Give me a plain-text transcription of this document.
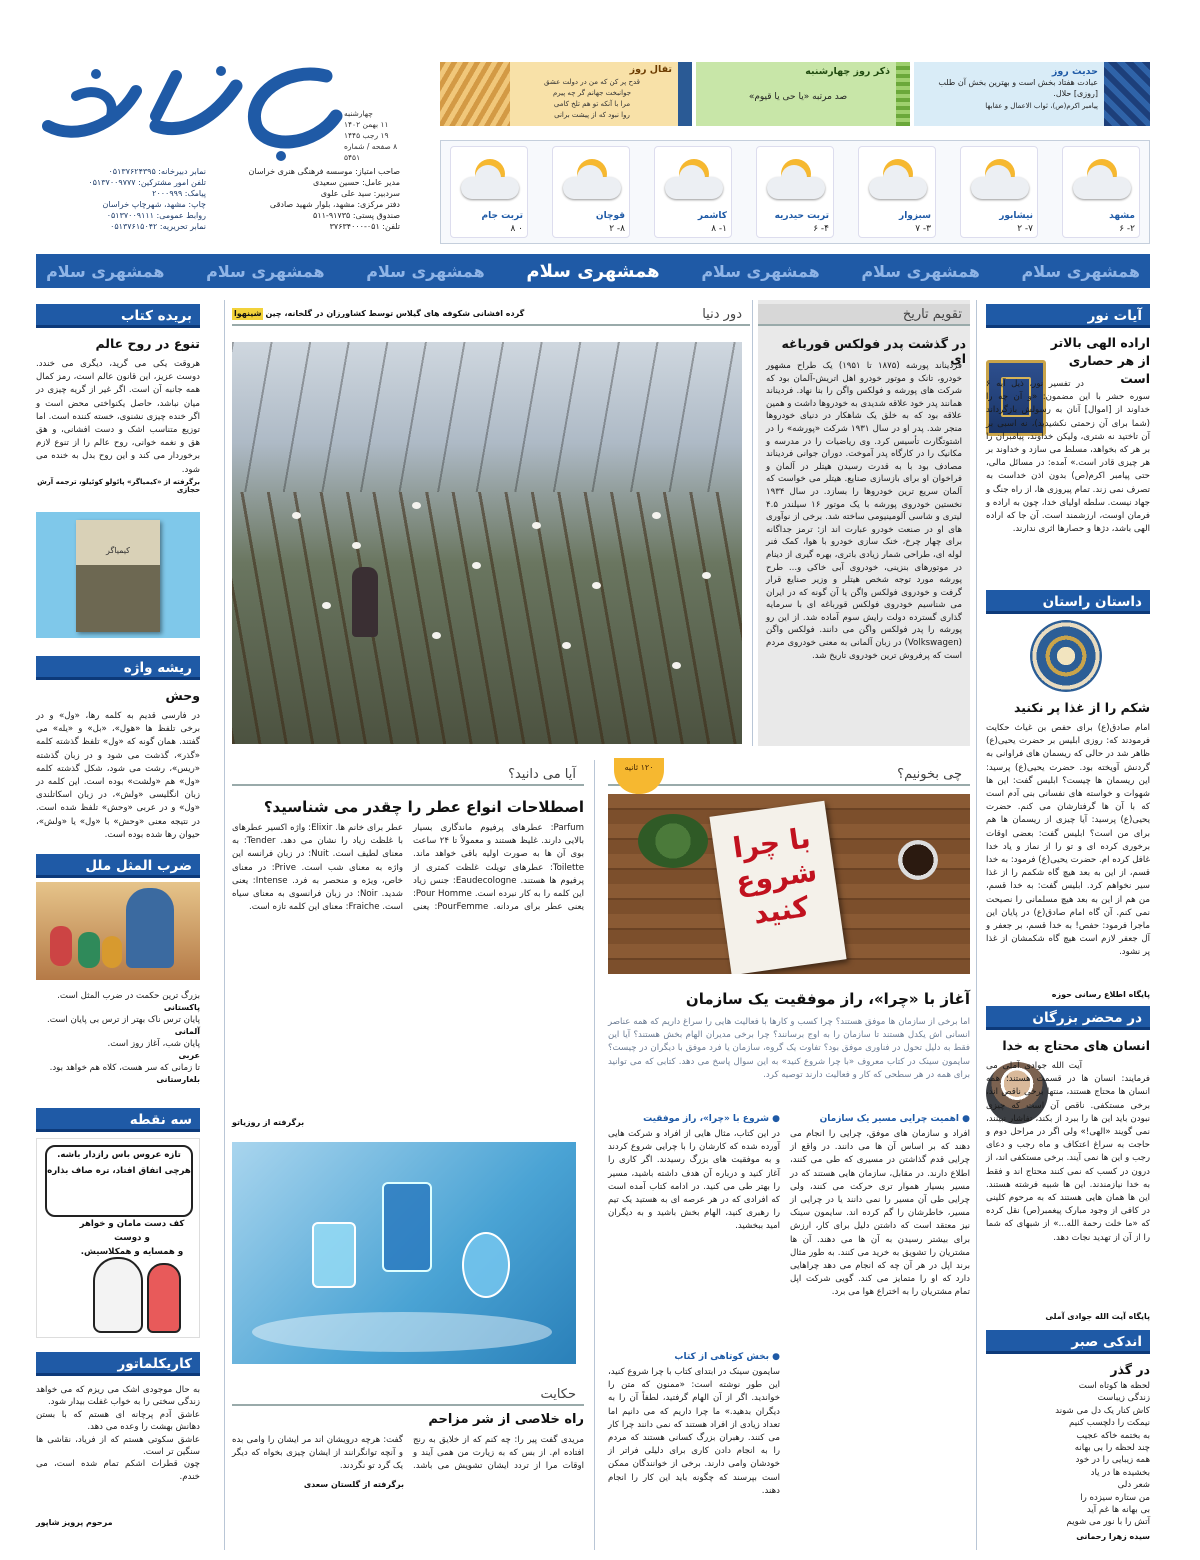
چهارشنبه
۱۱ بهمن ۱۴۰۲
۱۹ رجب ۱۴۴۵
۸ صفحه / شماره ۵۴۵۱
نمابر دبیرخانه: ۰۵۱۳۷۶۲۴۳۹۵
تلفن امور مشترکین: ۰۵۱۳۷۰۰۹۷۷۷
پیامک: ۲۰۰۰۹۹۹
چاپ: مشهد، شهرچاپ خراسان
روابط عمومی: ۰۵۱۳۷۰۰۹۱۱۱
نمابر تحریریه: ۰۵۱۳۷۶۱۵۰۴۲
صاحب امتیاز: موسسه فرهنگی هنری خراسان
مدیر عامل: حسین سعیدی
سردبیر: سید علی علوی
دفتر مرکزی: مشهد، بلوار شهید صادقی
صندوق پستی: ۹۱۷۳۵-۵۱۱
تلفن: ۰۵۱-۳۷۶۳۴۰۰۰
حدیث روز
عبادت هفتاد بخش است و بهترین بخش آن طلب [روزی] حلال.
پیامبر اکرم(ص)، ثواب الاعمال و عقابها
ذکر روز چهارشنبه
صد مرتبه «یا حی یا قیوم»
تفال روز
قدح پر کن که من در دولت عشق
جوانبخت جهانم گر چه پیرم
مرا با آنکه تو هم تلخ کامی
روا نبود که از پیشت برانی
مشهد
۲- ۶
نیشابور
۷- ۲
سبزوار
۳- ۷
تربت حیدریه
۴- ۶
کاشمر
۱- ۸
قوچان
۸- ۲
تربت جام
۰ ۸
همشهری سلام
همشهری سلام
همشهری سلام
همشهری سلام
همشهری سلام
همشهری سلام
همشهری سلام
آیات نور
اراده الهی بالاتر از هر حصاری است
در تفسیر نور، ذیل آیه ۶ سوره حشر با این مضمون: «و آن چه را خداوند از [اموال] آنان به رسولش بازگرداند (شما برای آن زحمتی نکشیدید)، نه اسبی بر آن تاختید نه شتری، ولیکن خداوند، پیامبران را بر هر که بخواهد، مسلط می سازد و خداوند بر هر چیزی قادر است.» آمده: در مسائل مالی، حتی پیامبر اکرم(ص) بدون اذن خداست به تصرف نمی زند. تمام پیروزی ها، از راه جنگ و جهاد نیست. سلطه اولیای خدا، چون به اراده و فرمان اوست، ارزشمند است. آن جا که اراده الهی باشد، دژها و حصارها اثری ندارند.
داستان راستان
شکم را از غذا پر نکنید
امام صادق(ع) برای حفص بن غیاث حکایت فرمودند که: روزی ابلیس بر حضرت یحیی(ع) ظاهر شد در حالی که ریسمان های فراوانی به گردنش آویخته بود. حضرت یحیی(ع) پرسید: این ریسمان ها چیست؟ ابلیس گفت: این ها شهوات و خواسته های نفسانی بنی آدم است که با آن ها گرفتارشان می کنم. حضرت یحیی(ع) پرسید: آیا چیزی از ریسمان ها هم برای من است؟ ابلیس گفت: بعضی اوقات برخوری کرده ای و تو را از نماز و یاد خدا غافل کرده ام. حضرت یحیی(ع) فرمود: به خدا قسم، از این به بعد هیچ گاه شکمم را از غذا سیر نخواهم کرد. ابلیس گفت: به خدا قسم، من هم از این به بعد هیچ مسلمانی را نصیحت نمی کنم. آن گاه امام صادق(ع) در پایان این ماجرا فرمود: حفص! به خدا قسم، بر جعفر و آل جعفر لازم است هیچ گاه شکمشان از غذا پر نشود.
پایگاه اطلاع رسانی حوزه
در محضر بزرگان
انسان های محتاج به خدا
آیت الله جوادی آملی می فرمایند: انسان ها در قسمت هستند؛ همه انسان ها محتاج هستند، منتها برخی ناقص اند، برخی مستکفی. ناقص آن است که چیزی نبودن باید این ها را ببرد از بکند، تفاشار نبینند، نمی گویند «الهی!» ولی اگر در مراحل دوم و حاجت به سراغ اعتکاف و ماه رجب و دعای رجب و این ها نمی آیند. برخی مستکفی اند، از درون در کسب که نمی کنند محتاج اند و فقط به خدا نیازمندند. این ها شبیه فرشته هستند. این ها همان هایی هستند که به مرحوم کلینی در کافی از وجود مبارک پیغمبر(ص) نقل کرده که «ما خلت رحمة الله...» از شبهای که شما را از آن از تهدید نجات دهد.
پایگاه آیت الله جوادی آملی
اندکی صبر
در گذر
لحظه ها کوتاه است
زندگی زیباست
کاش کنار یک دل می شوند
نیمکت را دلچسب کنیم
به بختمه خاکه عجیب
چند لحظه را بی بهانه
همه زیبایی را در خود
بخشیده ها در یاد
شعر دلی
من ستاره سیزده را
بی بهانه ها غم آید
آتش را با نور می شویم
سیده زهرا رحمانی
تقویم تاریخ
در گذشت پدر فولکس قورباغه ای
فردیناند پورشه (۱۸۷۵ تا ۱۹۵۱) یک طراح مشهور خودرو، تانک و موتور خودرو اهل اتریش-آلمان بود که شرکت های پورشه و فولکس واگن را بنا نهاد. فردیناند همانند پدر خود علاقه شدیدی به خودروها داشت و همین علاقه بود که به خلق یک شاهکار در دنیای خودروها منجر شد. پدر او در سال ۱۹۳۱ شرکت «پورشه» را در اشتوتگارت تأسیس کرد. وی ریاضیات را در مدرسه و مکانیک را در کارگاه پدر آموخت. دوران جوانی فردیناند مصادف بود با به قدرت رسیدن هیتلر در آلمان و فراخوان او برای بازسازی صنایع. هیتلر می خواست که آلمان سریع ترین خودروها را بسازد. در سال ۱۹۳۴ نخستین خودروی پورشه با یک موتور ۱۶ سیلندر ۴.۵ لیتری و شاسی آلومینیومی ساخته شد. برخی از نوآوری های او در صنعت خودرو عبارت اند از: ترمز جداگانه برای چهار چرخ، خنک سازی خودرو با هوا، کمک فنر لوله ای، طراحی شمار زیادی باتری، بهره گیری از دینام در موتورهای بنزینی، خودروی آبی خاکی و... طرح پورشه مورد توجه شخص هیتلر و وزیر صنایع قرار گرفت و خودروی فولکس واگن یا آن گونه که در ایران می شناسیم خودروی فولکس قورباغه ای با سرمایه گذاری گسترده دولت رایش سوم آماده شد. از این رو پورشه را پدر فولکس واگن می دانند. فولکس واگن (Volkswagen) در زبان آلمانی به معنی خودروی مردم است که پرفروش ترین خودروی تاریخ شد.
دور دنیا
گرده افشانی شکوفه های گیلاس توسط کشاورزان در گلخانه، چین
شینهوا
چی بخونیم؟
۱۲۰ ثانیه
با چرا شروع کنید
آغاز با «چرا»، راز موفقیت یک سازمان
اما برخی از سازمان ها موفق هستند؟ چرا کسب و کارها با فعالیت هایی را سراغ داریم که همه عناصر انسانی اش یکدل هستند تا سازمان را به اوج برسانند؟ چرا برخی مدیران الهام بخش هستند؟ آیا این فقط به دلیل تحول در فناوری موفق بود؟ تفاوت یک گروه، سازمان یا فرد موفق با دیگران در چیست؟ سایمون سینک در کتاب معروف «با چرا شروع کنید» به این سوال پاسخ می دهد. کتابی که می توانید برای همه در هر سطحی که کار و فعالیت دارند توصیه کرد.
● اهمیت چرایی مسیر یک سازمان
افراد و سازمان های موفق، چرایی را انجام می دهند که بر اساس آن ها می دانند. در واقع از چرایی قدم گذاشتن در مسیری که طی می کنند، اطلاع دارند. در مقابل، سازمان هایی هستند که در مسیر بسیار هموار تری حرکت می کنند، ولی چرایی طی آن مسیر را نمی دانند یا در چرایی از مسیر، خاطرشان را گم کرده اند. سایمون سینک نیز معتقد است که داشتن دلیل برای کار، ارزش برای بیشتر رسیدن به آن ها می دهند. آن ها مشتریان را تشویق به خرید می کنند. به طور مثال برند اپل در هر آن چه که انجام می دهد چراهایی دارد که او را متمایز می کند. گویی شرکت اپل تمام مشتریان را به اختراع هوا می برد.
● شروع با «چرا»، راز موفقیت
در این کتاب، مثال هایی از افراد و شرکت هایی آورده شده که کارشان را با چرایی شروع کردند و به موفقیت های بزرگ رسیدند. اگر کاری را آغاز کنید و درباره آن هدف داشته باشید، مسیر را بهتر طی می کنید. در ادامه کتاب آمده است که افرادی که در هر عرصه ای به هستید یک تیم را رهبری کنید، الهام بخش باشید و به دیگران امید ببخشید.
● بخش کوتاهی از کتاب
سایمون سینک در ابتدای کتاب با چرا شروع کنید، این طور نوشته است: «ممنون که متن را خواندید. اگر از آن الهام گرفتید، لطفاً آن را به دیگران بدهید.» ما چرا داریم که می دانیم اما تعداد زیادی از افراد هستند که نمی دانند چرا کار می کنند. رهبران بزرگ کسانی هستند که مردم را به انجام دادن کاری برای دلیلی فراتر از خودشان وامی دارند. برخی از خوانندگان ممکن است بپرسند که چگونه باید این کار را انجام دهند.
آیا می دانید؟
اصطلاحات انواع عطر را چقدر می شناسید؟
Parfum: عطرهای پرفیوم ماندگاری بسیار بالایی دارند. غلیظ هستند و معمولاً تا ۲۴ ساعت بوی آن ها به صورت اولیه باقی خواهد ماند. Toilette: عطرهای تویلت غلظت کمتری از پرفیوم ها هستند. Eaudecologne: جنس زیاد این کلمه را به کار نبرده است. Pour Homme: یعنی عطر برای مردانه. PourFemme: یعنی عطر برای خانم ها. Elixir: واژه اکسیر عطرهای با غلظت زیاد را نشان می دهد. Tender: به معنای لطیف است. Nuit: در زبان فرانسه این واژه به معنای شب است. Prive: در معنای خاص، ویژه و منحصر به فرد. Intense: یعنی شدید. Noir: در زبان فرانسوی به معنای سیاه است. Fraiche: معنای این کلمه تازه است.
برگرفته از روزیاتو
حکایت
راه خلاصی از شر مزاحم
مریدی گفت پیر را: چه کنم که از خلایق به رنج افتاده ام. از بس که به زیارت من همی آیند و اوقات مرا از تردد ایشان تشویش می باشد. گفت: هرچه درویشان اند مر ایشان را وامی بده و آنچه توانگرانند از ایشان چیزی بخواه که دیگر یک گرد تو نگردند.
برگرفته از گلستان سعدی
بریده کتاب
تنوع در روح عالم
هروقت یکی می گرید، دیگری می خندد. دوست عزیز، این قانون عالم است، رمز کمال همه جانبه آن است. اگر غیر از گریه چیزی در میان نباشد، حاصل یکنواختی محض است و اگر خنده چیزی نشنوی، خسته کننده است. اما توزیع متناسب اشک و دست افشانی، و هق هق و نغمه خوانی، روح عالم را از تنوع لازم برخوردار می کند و این روح بدل به خنده می شود.
برگرفته از «کیمیاگر» پائولو کوئیلو، ترجمه آرش حجازی
کیمیاگر
ریشه واژه
وحش
در فارسی قدیم به کلمه رها، «ول» و در برخی تلفظ ها «هول»، «بل» و «یله» می گفتند. همان گونه که «ول» تلفظ گذشته کلمه «گذر»، گذشت می شود و در زبان گذشته «ریس»، رشت می شود، شکل گذشته کلمه «ول» هم «ولشت» بوده است. این کلمه در زبان انگلیسی «ولش»، در زبان اسکاتلندی «ول» و در عربی «وحش» تلفظ شده است. در نتیجه معنی «وحش» با «ول» یا «ولش»، حیوان رها شده بوده است.
ضرب المثل ملل
بزرگ ترین حکمت در ضرب المثل است.
پاکستانی
پایان ترس ناک بهتر از ترس بی پایان است.
آلمانی
پایان شب، آغاز روز است.
عربی
تا زمانی که سر هست، کلاه هم خواهد بود.
بلغارستانی
سه نقطه
تازه عروس باس رازدار باشه.
هرچی اتفاق افتاد، تره صاف بذاره
کف دست مامان و خواهر و دوست
و همسایه و همکلاسیش.
کاریکلماتور
به حال موجودی اشک می ریزم که می خواهد زندگی سختی را به خواب غفلت بیدار شود.
عاشق آدم پرچانه ای هستم که با بستن دهانش بهشت را وعده می دهد.
عاشق سکوتی هستم که از فریاد، نقاشی ها سنگین تر است.
چون قطرات اشکم تمام شده است، می خندم.
مرحوم پرویز شاپور
